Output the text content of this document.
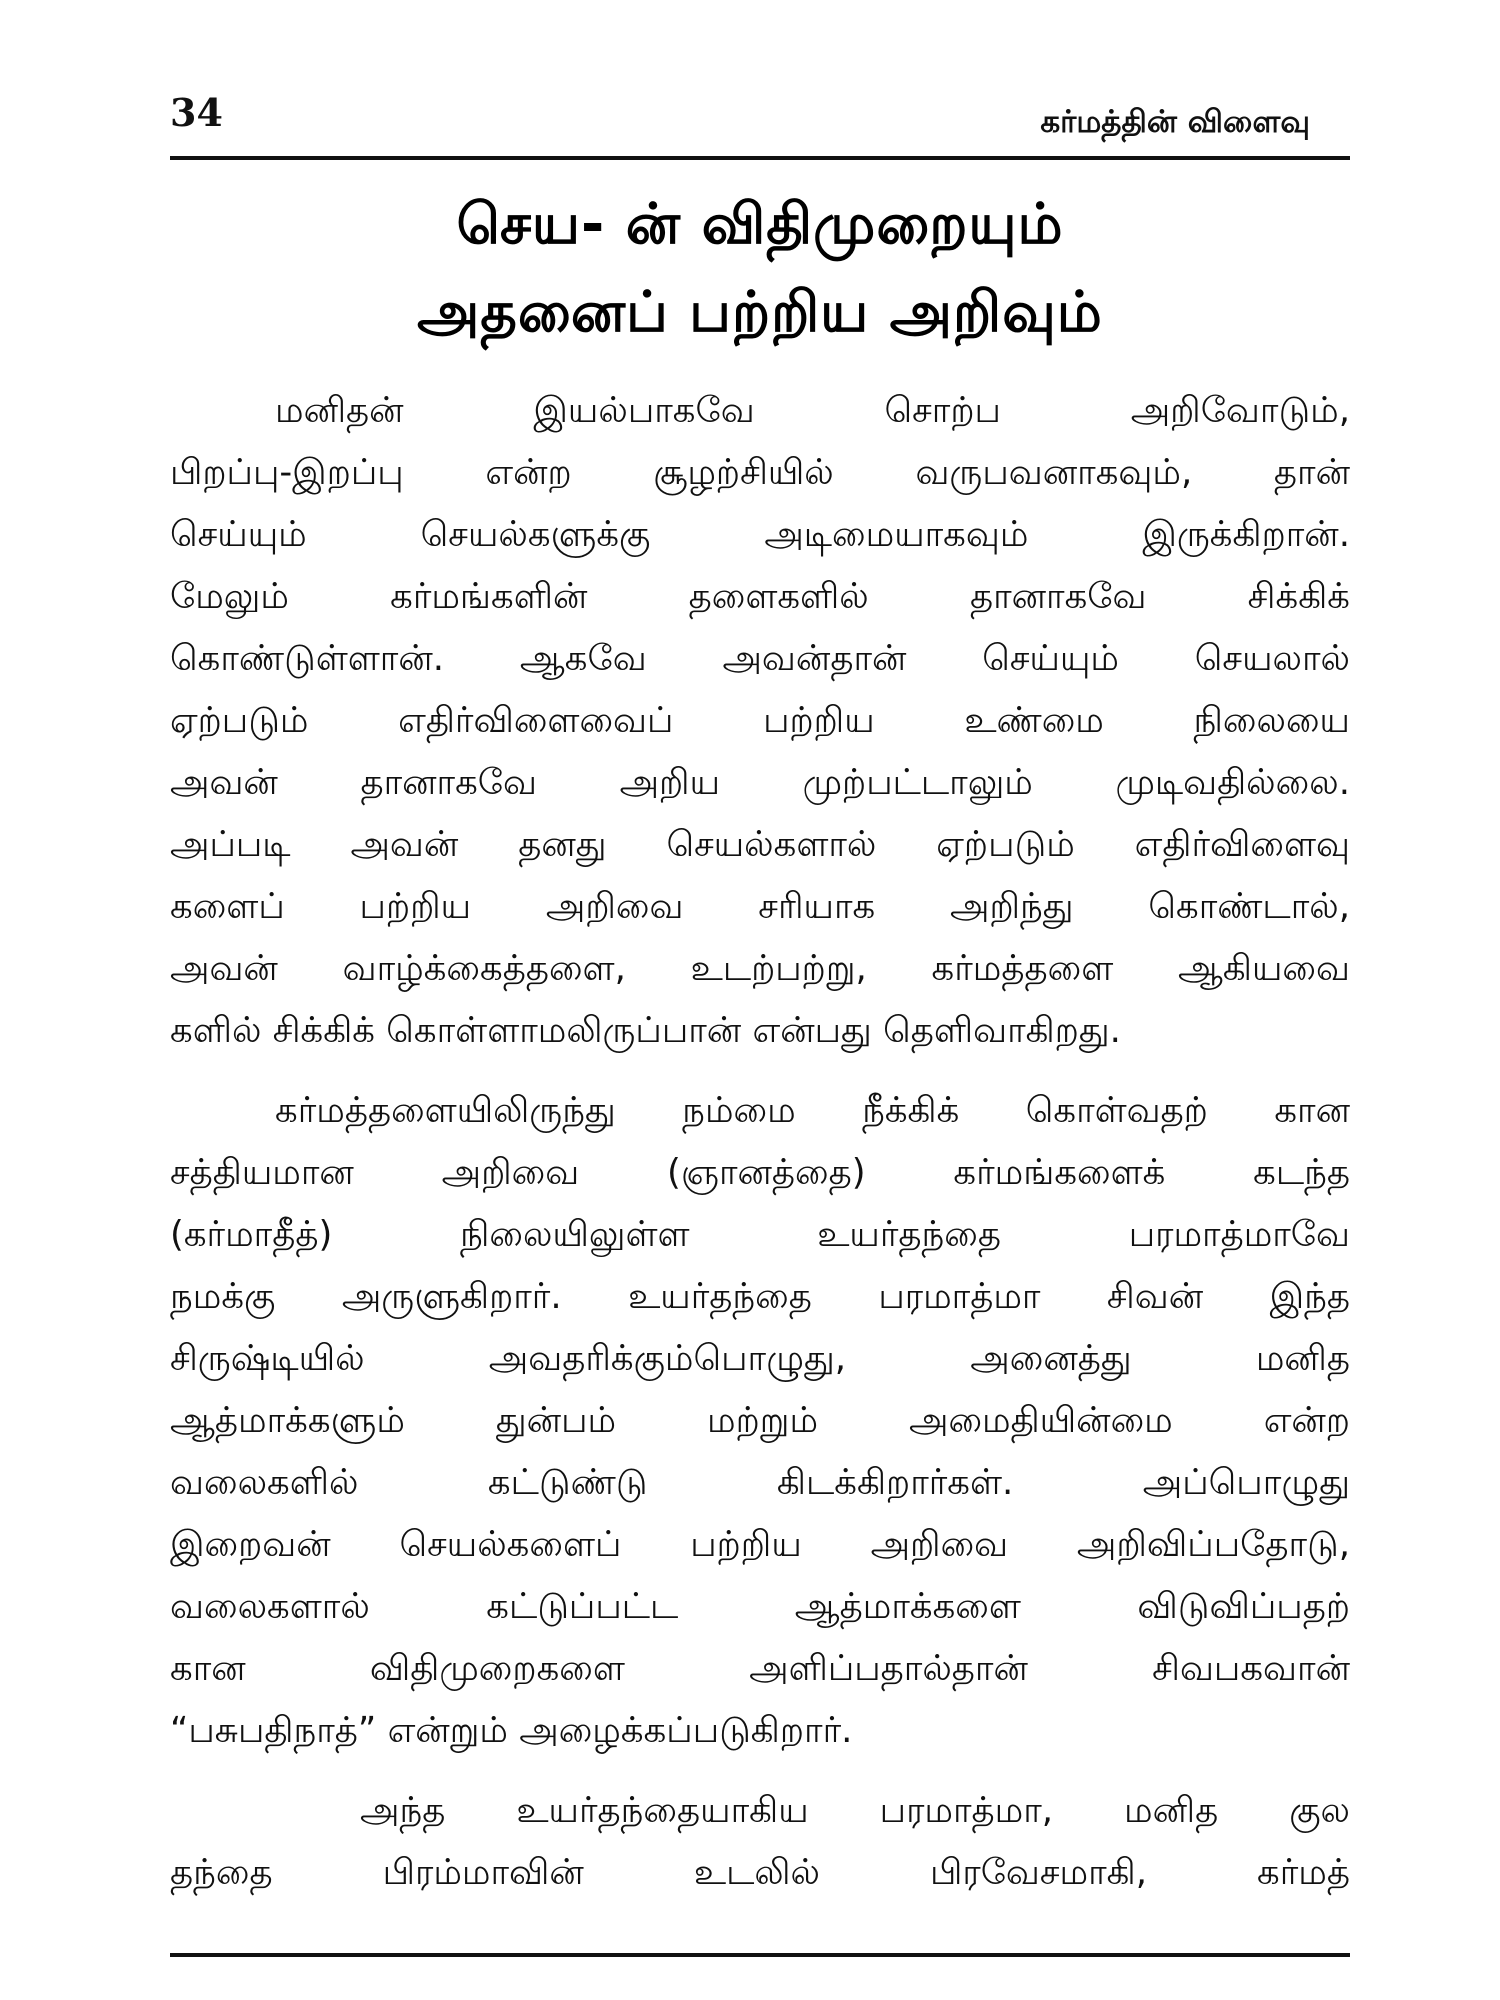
34	கர்மத்தின் விளைவு
செய- ன் விதிமுறையும்
அதனைப் பற்றிய அறிவும்

மனிதன் இயல்பாகவே சொற்ப அறிவோடும்,
பிறப்பு-இறப்பு என்ற சூழற்சியில் வருபவனாகவும், தான்
செய்யும் செயல்களுக்கு அடிமையாகவும் இருக்கிறான்.
மேலும் கர்மங்களின் தளைகளில் தானாகவே சிக்கிக்
கொண்டுள்ளான். ஆகவே அவன்தான் செய்யும் செயலால்
ஏற்படும் எதிர்விளைவைப் பற்றிய உண்மை நிலையை
அவன் தானாகவே அறிய முற்பட்டாலும் முடிவதில்லை.
அப்படி அவன் தனது செயல்களால் ஏற்படும் எதிர்விளைவு
களைப் பற்றிய அறிவை சரியாக அறிந்து கொண்டால்,
அவன் வாழ்க்கைத்தளை, உடற்பற்று, கர்மத்தளை ஆகியவை
களில் சிக்கிக் கொள்ளாமலிருப்பான் என்பது தெளிவாகிறது.

கர்மத்தளையிலிருந்து நம்மை நீக்கிக் கொள்வதற் கான
சத்தியமான அறிவை (ஞானத்தை) கர்மங்களைக் கடந்த
(கர்மாதீத்) நிலையிலுள்ள உயர்தந்தை பரமாத்மாவே
நமக்கு அருளுகிறார். உயர்தந்தை பரமாத்மா சிவன் இந்த
சிருஷ்டியில் அவதரிக்கும்பொழுது, அனைத்து மனித
ஆத்மாக்களும் துன்பம் மற்றும் அமைதியின்மை என்ற
வலைகளில் கட்டுண்டு கிடக்கிறார்கள். அப்பொழுது
இறைவன் செயல்களைப் பற்றிய அறிவை அறிவிப்பதோடு,
வலைகளால் கட்டுப்பட்ட ஆத்மாக்களை விடுவிப்பதற்
கான விதிமுறைகளை அளிப்பதால்தான் சிவபகவான்
“பசுபதிநாத்” என்றும் அழைக்கப்படுகிறார்.

அந்த உயர்தந்தையாகிய பரமாத்மா, மனித குல
தந்தை பிரம்மாவின் உடலில் பிரவேசமாகி, கர்மத்
